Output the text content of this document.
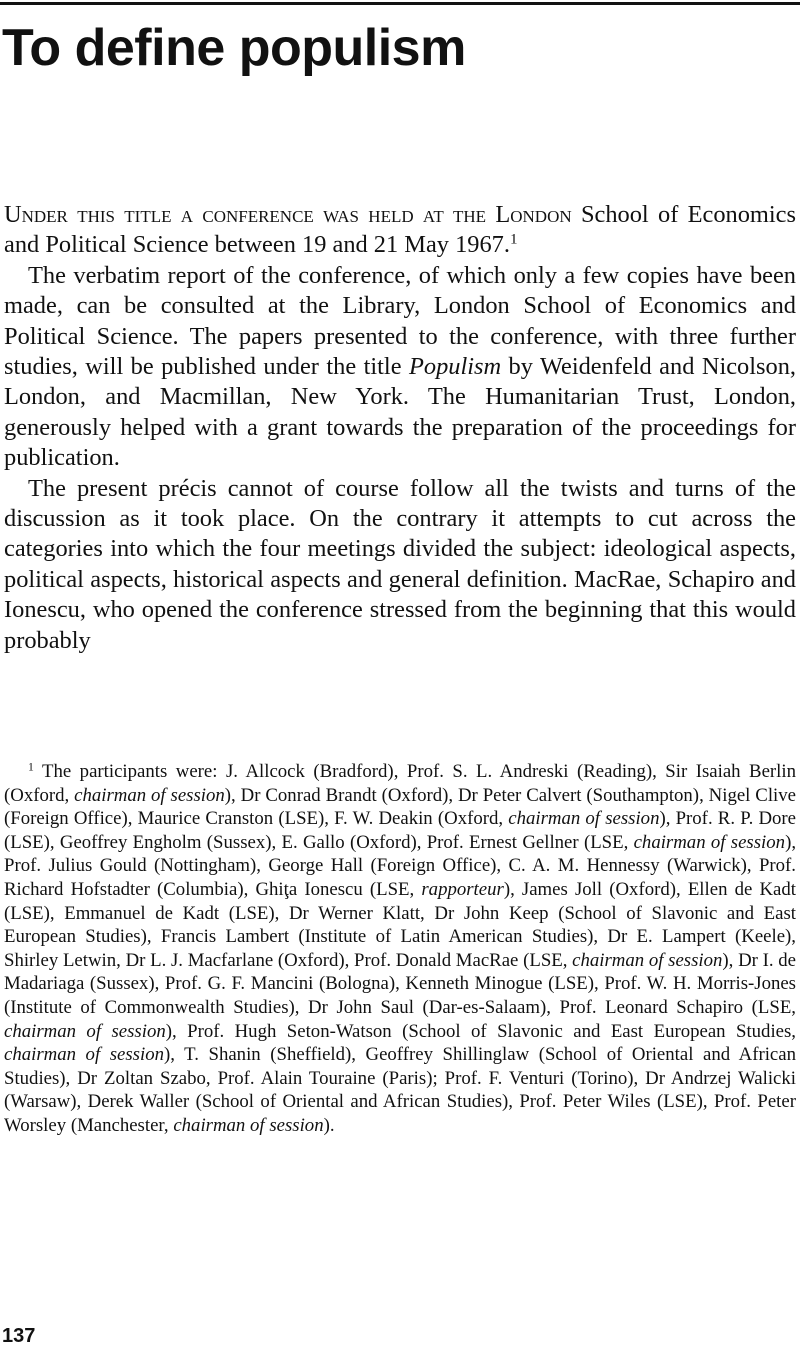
To define populism

Under this title a conference was held at the London School of Economics and Political Science between 19 and 21 May 1967.$^1$

The verbatim report of the conference, of which only a few copies have been made, can be consulted at the Library, London School of Economics and Political Science. The papers presented to the conference, with three further studies, will be published under the title Populism by Weidenfeld and Nicolson, London, and Macmillan, New York. The Humanitarian Trust, London, generously helped with a grant towards the preparation of the proceedings for publication.

The present précis cannot of course follow all the twists and turns of the discussion as it took place. On the contrary it attempts to cut across the categories into which the four meetings divided the subject: ideological aspects, political aspects, historical aspects and general definition. MacRae, Schapiro and Ionescu, who opened the conference stressed from the beginning that this would probably

$^1$ The participants were: J. Allcock (Bradford), Prof. S. L. Andreski (Reading), Sir Isaiah Berlin (Oxford, chairman of session), Dr Conrad Brandt (Oxford), Dr Peter Calvert (Southampton), Nigel Clive (Foreign Office), Maurice Cranston (LSE), F. W. Deakin (Oxford, chairman of session), Prof. R. P. Dore (LSE), Geoffrey Engholm (Sussex), E. Gallo (Oxford), Prof. Ernest Gellner (LSE, chairman of session), Prof. Julius Gould (Nottingham), George Hall (Foreign Office), C. A. M. Hennessy (Warwick), Prof. Richard Hofstadter (Columbia), Ghiţa Ionescu (LSE, rapporteur), James Joll (Oxford), Ellen de Kadt (LSE), Emmanuel de Kadt (LSE), Dr Werner Klatt, Dr John Keep (School of Slavonic and East European Studies), Francis Lambert (Institute of Latin American Studies), Dr E. Lampert (Keele), Shirley Letwin, Dr L. J. Macfarlane (Oxford), Prof. Donald MacRae (LSE, chairman of session), Dr I. de Madariaga (Sussex), Prof. G. F. Mancini (Bologna), Kenneth Minogue (LSE), Prof. W. H. Morris-Jones (Institute of Commonwealth Studies), Dr John Saul (Dar-es-Salaam), Prof. Leonard Schapiro (LSE, chairman of session), Prof. Hugh Seton-Watson (School of Slavonic and East European Studies, chairman of session), T. Shanin (Sheffield), Geoffrey Shillinglaw (School of Oriental and African Studies), Dr Zoltan Szabo, Prof. Alain Touraine (Paris); Prof. F. Venturi (Torino), Dr Andrzej Walicki (Warsaw), Derek Waller (School of Oriental and African Studies), Prof. Peter Wiles (LSE), Prof. Peter Worsley (Manchester, chairman of session).

137
